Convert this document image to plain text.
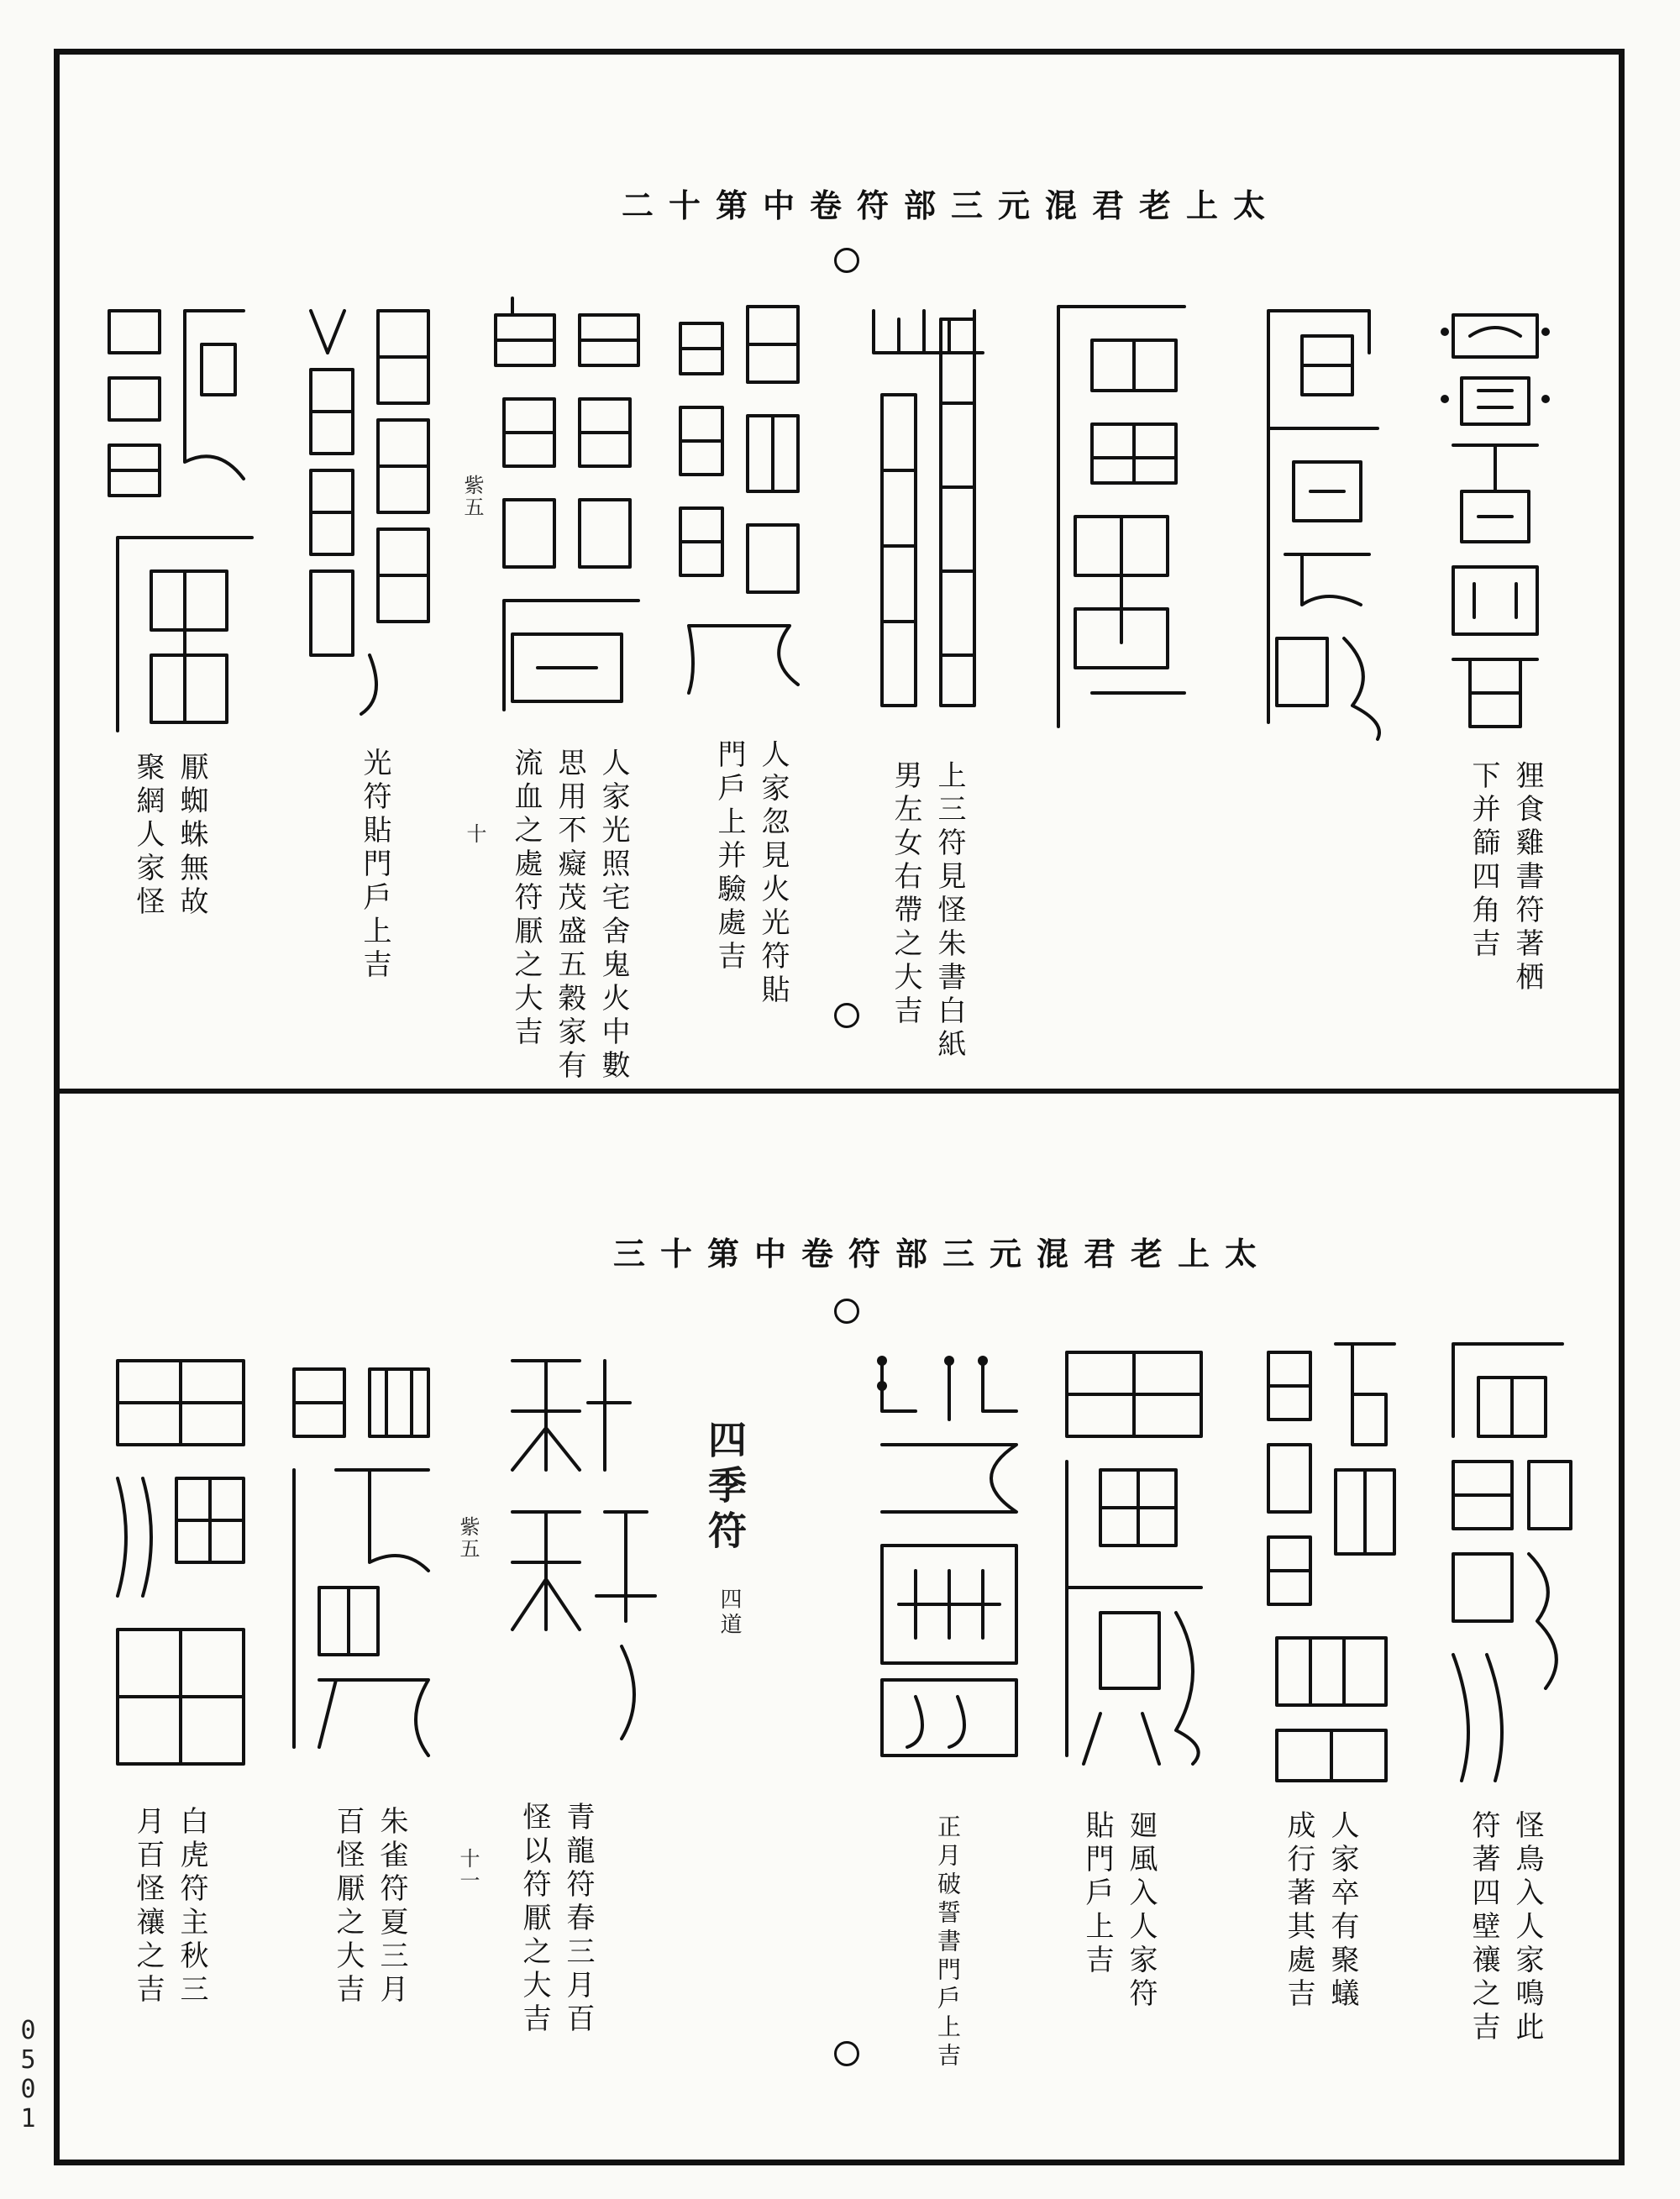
0501
太上老君混元三部符卷中第十二
狸食雞書符著栖
下并篩四角吉
上三符見怪朱書白紙
男左女右帶之大吉
人家忽見火光符貼
門戶上并驗處吉
人家光照宅舍鬼火中數
思用不癡茂盛五穀家有
流血之處符厭之大吉
紫五
十
光符貼門戶上吉
厭蜘蛛無故
聚網人家怪
太上老君混元三部符卷中第十三
怪鳥入人家鳴此
符著四壁禳之吉
人家卒有聚蟻
成行著其處吉
廻風入人家符
貼門戶上吉
正月破誓書門戶上吉
四季符
四道
青龍符春三月百
怪以符厭之大吉
紫五
十一
朱雀符夏三月
百怪厭之大吉
白虎符主秋三
月百怪禳之吉
